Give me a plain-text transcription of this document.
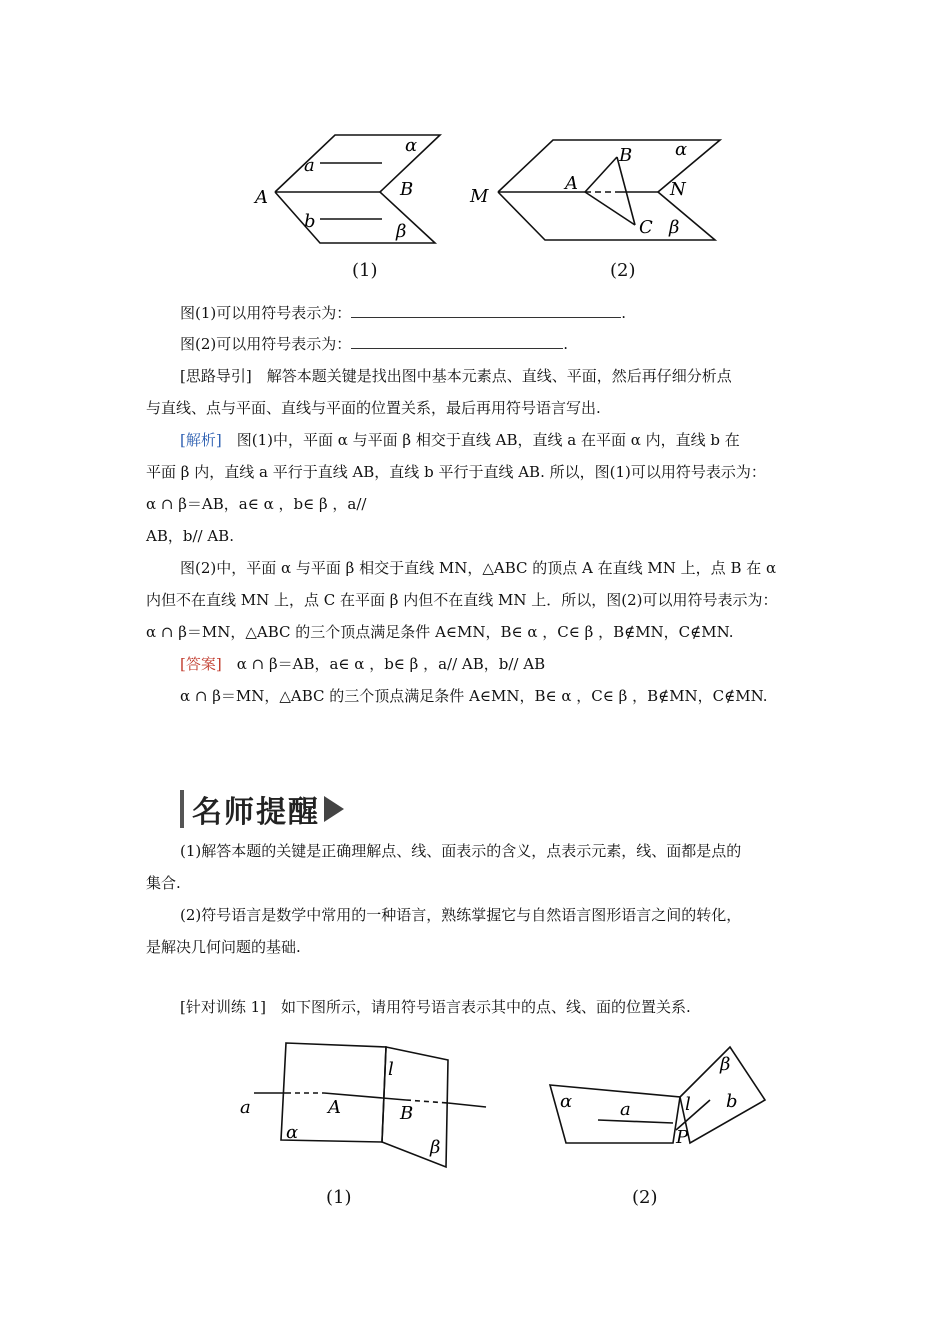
α
a
A	B
b	β
(1)
α
B
A
M	N
C β
(2)
图(1)可以用符号表示为：	.
图(2)可以用符号表示为：	.
[思路导引]　解答本题关键是找出图中基本元素点、直线、平面，然后再仔细分析点
与直线、点与平面、直线与平面的位置关系，最后再用符号语言写出.
[解析]　图(1)中，平面 α 与平面 β 相交于直线 AB，直线 a 在平面 α 内，直线 b 在
平面 β 内，直线 a 平行于直线 AB，直线 b 平行于直线 AB. 所以，图(1)可以用符号表示为：
α ∩ β＝AB，a∈ α ，b∈ β ，a//
AB，b// AB.
图(2)中，平面 α 与平面 β 相交于直线 MN，△ABC 的顶点 A 在直线 MN 上，点 B 在 α
内但不在直线 MN 上，点 C 在平面 β 内但不在直线 MN 上．所以，图(2)可以用符号表示为：
α ∩ β＝MN，△ABC 的三个顶点满足条件 A∈MN，B∈ α ，C∈ β ，B∉MN，C∉MN.
[答案]　α ∩ β＝AB，a∈ α ，b∈ β ，a// AB，b// AB
α ∩ β＝MN，△ABC 的三个顶点满足条件 A∈MN，B∈ α ，C∈ β ，B∉MN，C∉MN.
名师提醒
(1)解答本题的关键是正确理解点、线、面表示的含义，点表示元素，线、面都是点的
集合.
(2)符号语言是数学中常用的一种语言，熟练掌握它与自然语言图形语言之间的转化，
是解决几何问题的基础.
[针对训练 1]　如下图所示，请用符号语言表示其中的点、线、面的位置关系.
l
a	A	B
α
β
(1)
β
α	a	l b
P
(2)
